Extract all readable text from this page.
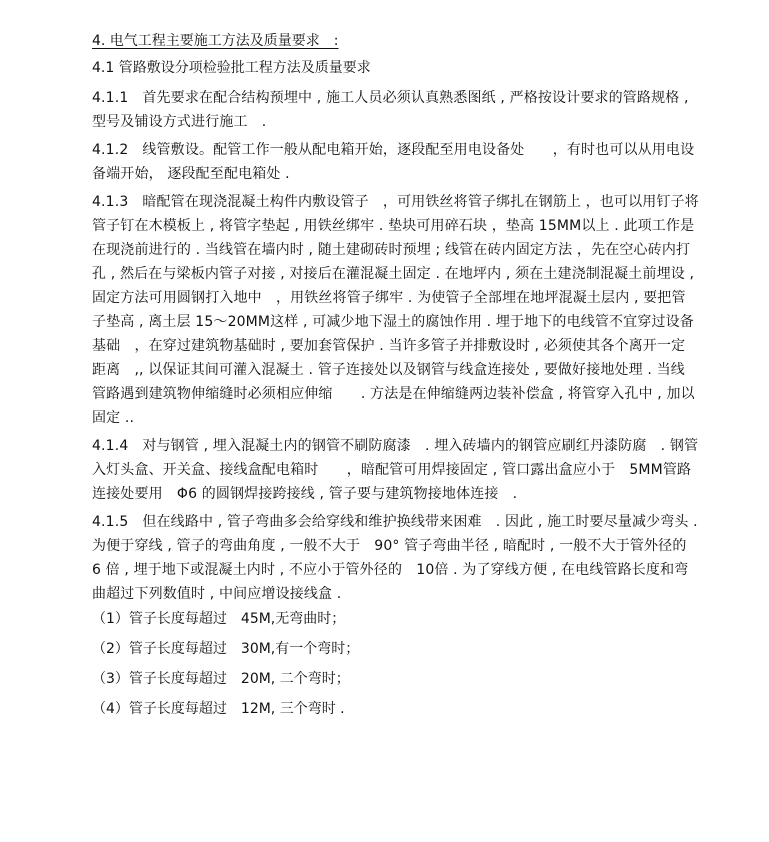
4. 电气工程主要施工方法及质量要求　:
4.1 管路敷设分项检验批工程方法及质量要求

4.1.1 首先要求在配合结构预埋中 , 施工人员必须认真熟悉图纸 , 严格按设计要求的管路规格 , 型号及铺设方式进行施工　.

4.1.2 线管敷设。配管工作一般从配电箱开始，逐段配至用电设备处　　，有时也可以从用电设备端开始， 逐段配至配电箱处 .

4.1.3 暗配管在现浇混凝土构件内敷设管子　，可用铁丝将管子绑扎在钢筋上 ，也可以用钉子将管子钉在木模板上 , 将管字垫起 , 用铁丝绑牢 . 垫块可用碎石块 ，垫高 15MM以上 . 此项工作是在现浇前进行的 . 当线管在墙内时 , 随土建砌砖时预埋 ; 线管在砖内固定方法 ，先在空心砖内打孔 , 然后在与梁板内管子对接 , 对接后在灌混凝土固定 . 在地坪内 , 须在土建浇制混凝土前埋设 , 固定方法可用圆钢打入地中　，用铁丝将管子绑牢 . 为使管子全部埋在地坪混凝土层内 , 要把管子垫高 , 离土层 15～20MM这样 , 可减少地下湿土的腐蚀作用 . 埋于地下的电线管不宜穿过设备基础　，在穿过建筑物基础时 , 要加套管保护 . 当许多管子并排敷设时 , 必须使其各个离开一定距离　,, 以保证其间可灌入混凝土 . 管子连接处以及钢管与线盒连接处 , 要做好接地处理 . 当线管路遇到建筑物伸缩缝时必须相应伸缩　　. 方法是在伸缩缝两边装补偿盒 , 将管穿入孔中 , 加以固定 ..

4.1.4 对与钢管 , 埋入混凝土内的钢管不刷防腐漆　. 埋入砖墙内的钢管应刷红丹漆防腐　. 钢管入灯头盒、开关盒、接线盒配电箱时　　，暗配管可用焊接固定 , 管口露出盒应小于　5MM管路连接处要用　Φ6 的圆钢焊接跨接线 , 管子要与建筑物接地体连接　.

4.1.5 但在线路中 , 管子弯曲多会给穿线和维护换线带来困难　. 因此 , 施工时要尽量减少弯头 . 为便于穿线 , 管子的弯曲角度 , 一般不大于　90° 管子弯曲半径 , 暗配时 , 一般不大于管外径的 6 倍 , 埋于地下或混凝土内时 , 不应小于管外径的　10倍 . 为了穿线方便 , 在电线管路长度和弯曲超过下列数值时 , 中间应增设接线盒 .

（1）管子长度每超过　45M,无弯曲时；
（2）管子长度每超过　30M,有一个弯时；
（3）管子长度每超过　20M, 二个弯时；
（4）管子长度每超过　12M, 三个弯时 .
